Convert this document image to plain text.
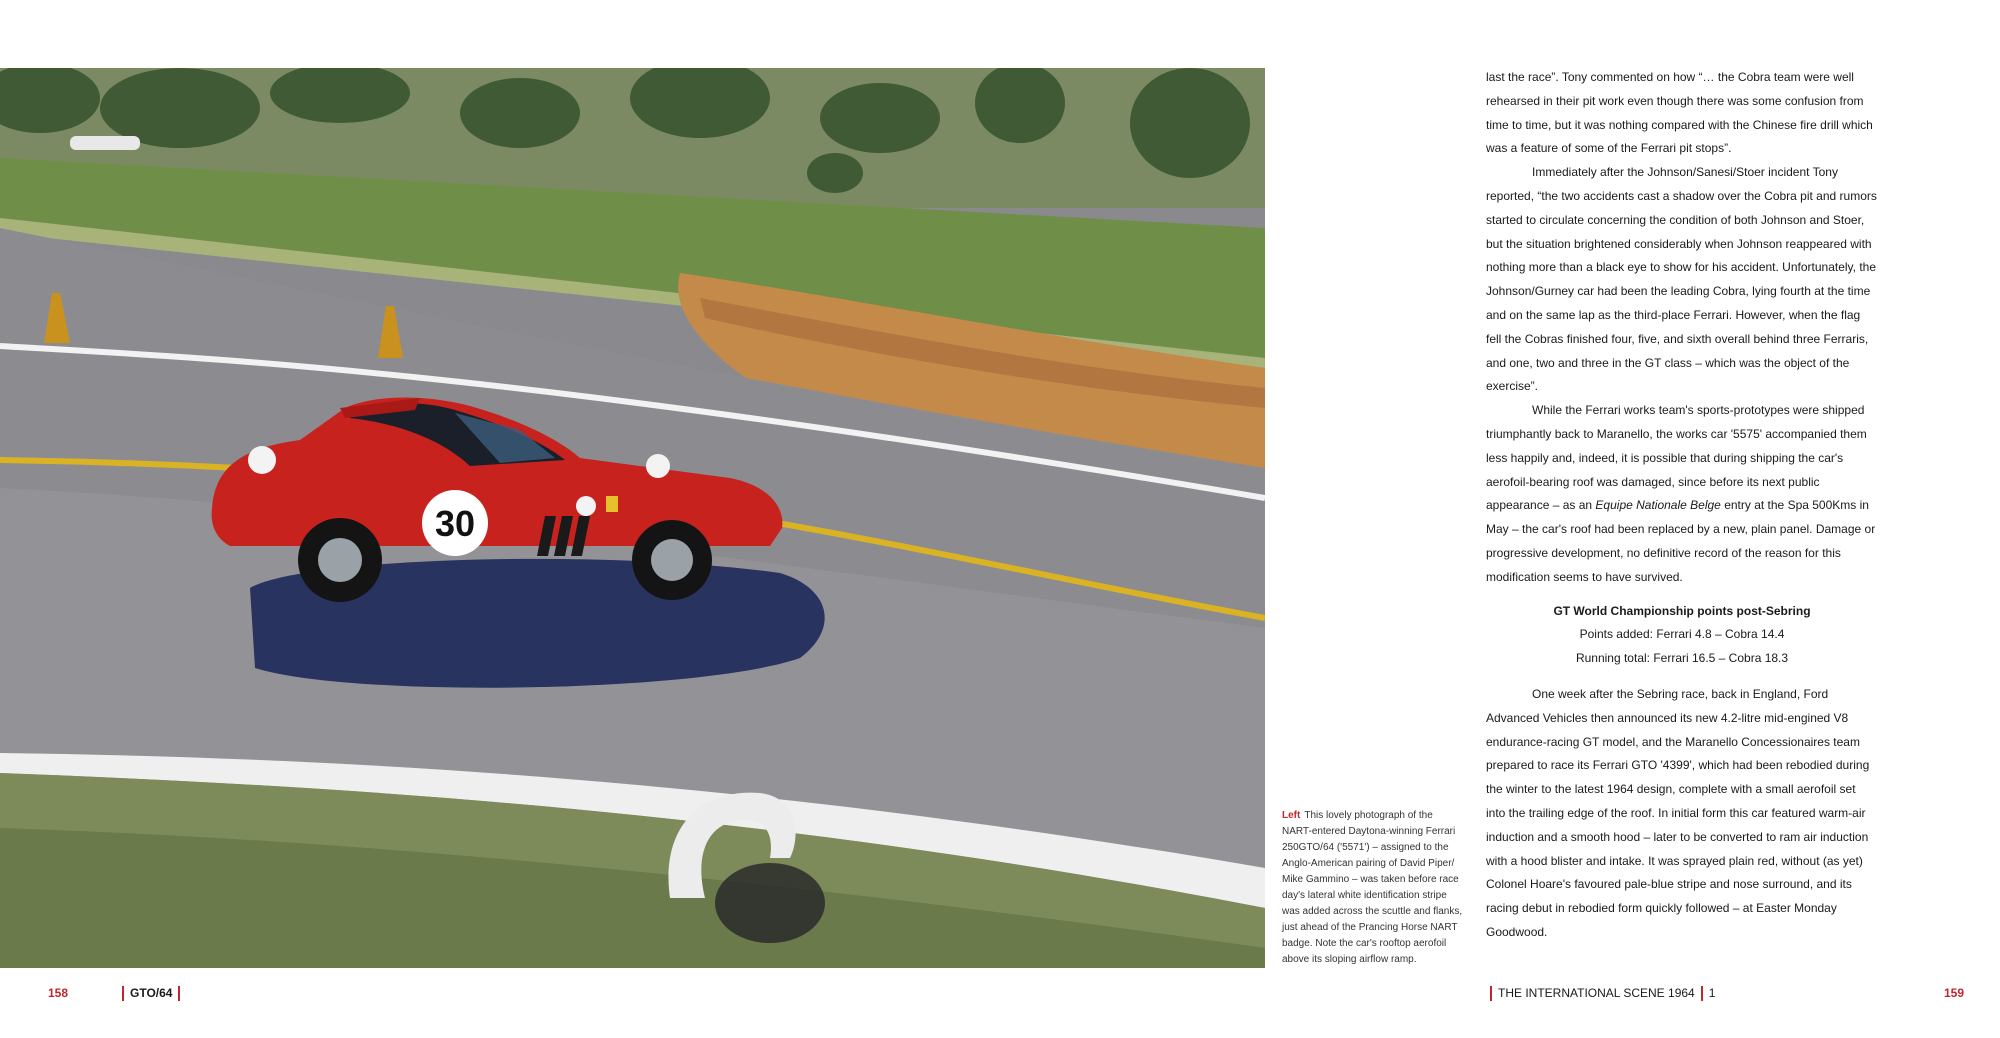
30
Left This lovely photograph of the NART-entered Daytona-winning Ferrari 250GTO/64 ('5571') – assigned to the Anglo-American pairing of David Piper/ Mike Gammino – was taken before race day's lateral white identification stripe was added across the scuttle and flanks, just ahead of the Prancing Horse NART badge. Note the car's rooftop aerofoil above its sloping airflow ramp.

last the race”. Tony commented on how “… the Cobra team were well rehearsed in their pit work even though there was some confusion from time to time, but it was nothing compared with the Chinese fire drill which was a feature of some of the Ferrari pit stops”.

Immediately after the Johnson/Sanesi/Stoer incident Tony reported, “the two accidents cast a shadow over the Cobra pit and rumors started to circulate concerning the condition of both Johnson and Stoer, but the situation brightened considerably when Johnson reappeared with nothing more than a black eye to show for his accident. Unfortunately, the Johnson/Gurney car had been the leading Cobra, lying fourth at the time and on the same lap as the third-place Ferrari. However, when the flag fell the Cobras finished four, five, and sixth overall behind three Ferraris, and one, two and three in the GT class – which was the object of the exercise”.

While the Ferrari works team's sports-prototypes were shipped triumphantly back to Maranello, the works car '5575' accompanied them less happily and, indeed, it is possible that during shipping the car's aerofoil-bearing roof was damaged, since before its next public appearance – as an Equipe Nationale Belge entry at the Spa 500Kms in May – the car's roof had been replaced by a new, plain panel. Damage or progressive development, no definitive record of the reason for this modification seems to have survived.

GT World Championship points post-Sebring
Points added: Ferrari 4.8 – Cobra 14.4
Running total: Ferrari 16.5 – Cobra 18.3

One week after the Sebring race, back in England, Ford Advanced Vehicles then announced its new 4.2-litre mid-engined V8 endurance-racing GT model, and the Maranello Concessionaires team prepared to race its Ferrari GTO '4399', which had been rebodied during the winter to the latest 1964 design, complete with a small aerofoil set into the trailing edge of the roof. In initial form this car featured warm-air induction and a smooth hood – later to be converted to ram air induction with a hood blister and intake. It was sprayed plain red, without (as yet) Colonel Hoare's favoured pale-blue stripe and nose surround, and its racing debut in rebodied form quickly followed – at Easter Monday Goodwood.

158	GTO/64	THE INTERNATIONAL SCENE 1964 1	159
